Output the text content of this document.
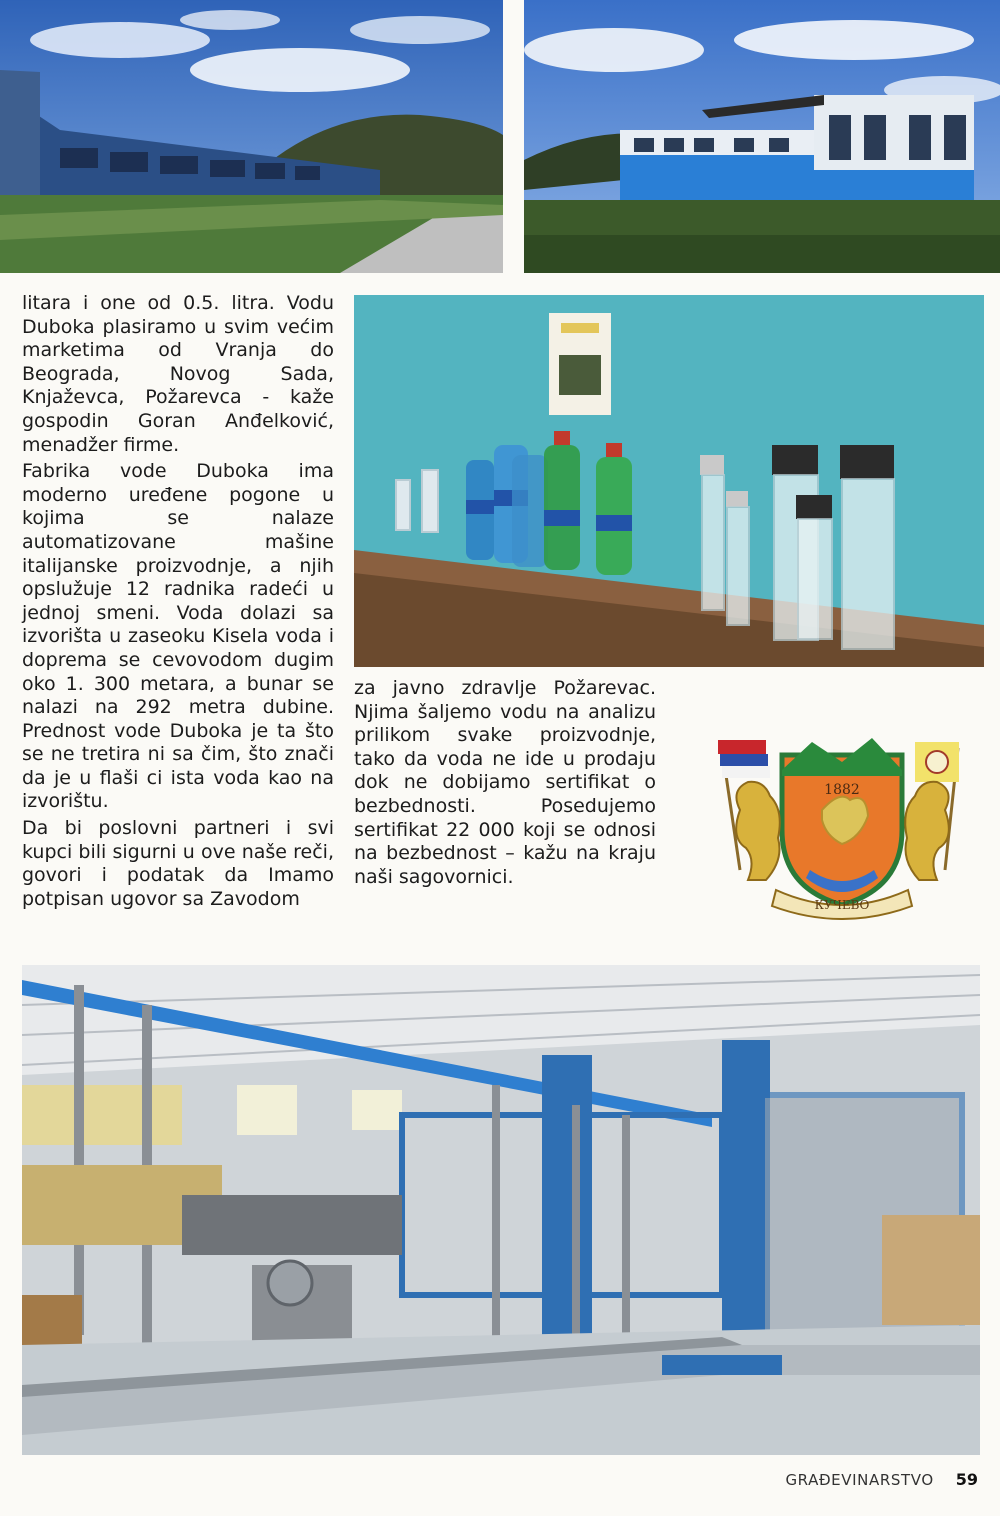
litara i one od 0.5. litra. Vodu Duboka plasiramo u svim većim marketima od Vranja do Beograda, Novog Sada, Knjaževca, Požarevca - kaže gospodin Goran Anđelković, menadžer firme.

Fabrika vode Duboka ima moderno uređene pogone u kojima se nalaze automatizovane mašine italijanske proizvodnje, a njih opslužuje 12 radnika radeći u jednoj smeni. Voda dolazi sa izvorišta u zaseoku Kisela voda i doprema se cevovodom dugim oko 1. 300 metara, a bunar se nalazi na 292 metra dubine. Prednost vode Duboka je ta što se ne tretira ni sa čim, što znači da je u flaši ci ista voda kao na izvorištu.

Da bi poslovni partneri i svi kupci bili sigurni u ove naše reči, govori i podatak da Imamo potpisan ugovor sa Zavodom

za javno zdravlje Požarevac. Njima šaljemo vodu na analizu prilikom svake proizvodnje, tako da voda ne ide u prodaju dok ne dobijamo sertifikat o bezbednosti. Posedujemo sertifikat 22 000 koji se odnosi na bezbednost – kažu na kraju naši sagovornici.

1882
КУЧЕВО
GRAĐEVINARSTVO 59
